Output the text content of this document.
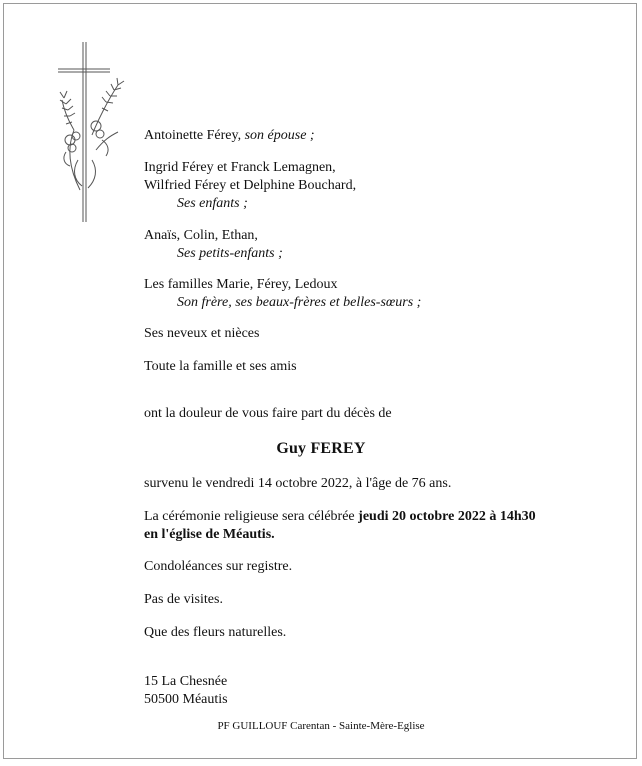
Antoinette Férey, son épouse ;
Ingrid Férey et Franck Lemagnen,
Wilfried Férey et Delphine Bouchard,
Ses enfants ;
Anaïs, Colin, Ethan,
Ses petits-enfants ;
Les familles Marie, Férey, Ledoux
Son frère, ses beaux-frères et belles-sœurs ;
Ses neveux et nièces
Toute la famille et ses amis
ont la douleur de vous faire part du décès de
Guy FEREY
survenu le vendredi 14 octobre 2022, à l'âge de 76 ans.
La cérémonie religieuse sera célébrée jeudi 20 octobre 2022 à 14h30
en l'église de Méautis.
Condoléances sur registre.
Pas de visites.
Que des fleurs naturelles.
15 La Chesnée
50500 Méautis
PF GUILLOUF Carentan - Sainte-Mère-Eglise
